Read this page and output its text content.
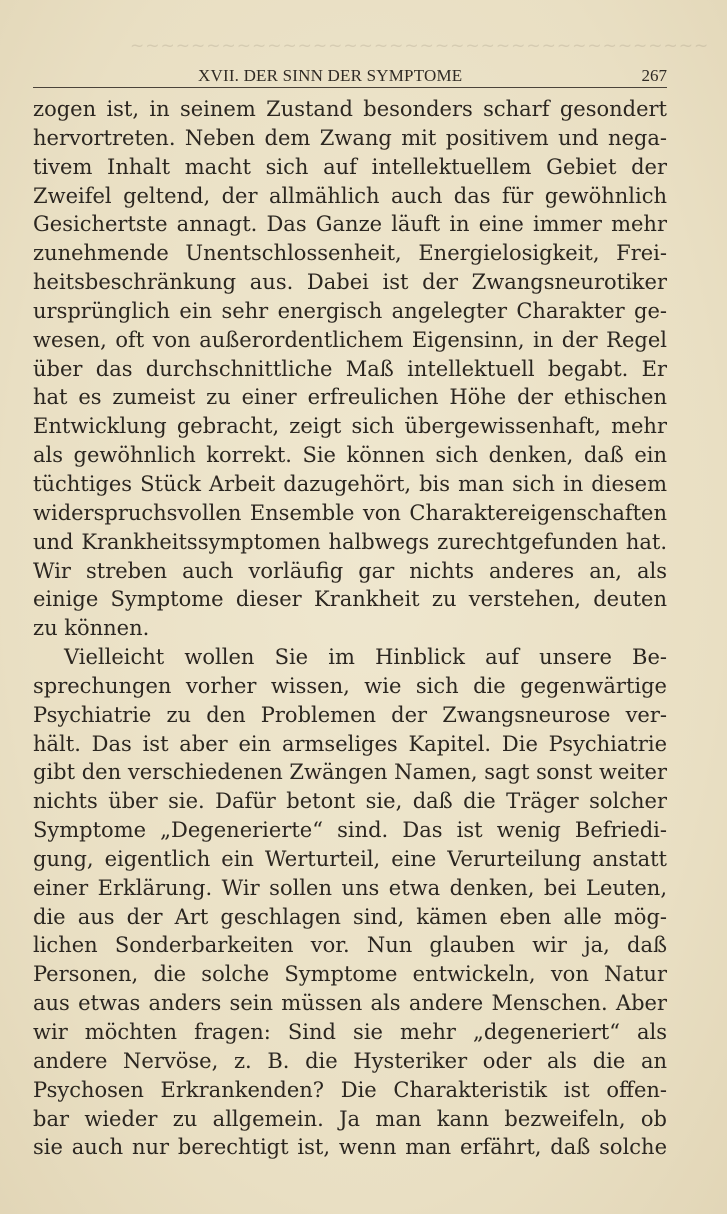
~~~~~~~~~~~~~~~~~~~~~~~~~~~~~~~~~~~~~~
XVII. DER SINN DER SYMPTOME	267
zogen ist, in seinem Zustand besonders scharf gesondert
hervortreten. Neben dem Zwang mit positivem und nega-
tivem Inhalt macht sich auf intellektuellem Gebiet der
Zweifel geltend, der allmählich auch das für gewöhnlich
Gesichertste annagt. Das Ganze läuft in eine immer mehr
zunehmende Unentschlossenheit, Energielosigkeit, Frei-
heitsbeschränkung aus. Dabei ist der Zwangsneurotiker
ursprünglich ein sehr energisch angelegter Charakter ge-
wesen, oft von außerordentlichem Eigensinn, in der Regel
über das durchschnittliche Maß intellektuell begabt. Er
hat es zumeist zu einer erfreulichen Höhe der ethischen
Entwicklung gebracht, zeigt sich übergewissenhaft, mehr
als gewöhnlich korrekt. Sie können sich denken, daß ein
tüchtiges Stück Arbeit dazugehört, bis man sich in diesem
widerspruchsvollen Ensemble von Charaktereigenschaften
und Krankheitssymptomen halbwegs zurechtgefunden hat.
Wir streben auch vorläufig gar nichts anderes an, als
einige Symptome dieser Krankheit zu verstehen, deuten
zu können.
Vielleicht wollen Sie im Hinblick auf unsere Be-
sprechungen vorher wissen, wie sich die gegenwärtige
Psychiatrie zu den Problemen der Zwangsneurose ver-
hält. Das ist aber ein armseliges Kapitel. Die Psychiatrie
gibt den verschiedenen Zwängen Namen, sagt sonst weiter
nichts über sie. Dafür betont sie, daß die Träger solcher
Symptome „Degenerierte“ sind. Das ist wenig Befriedi-
gung, eigentlich ein Werturteil, eine Verurteilung anstatt
einer Erklärung. Wir sollen uns etwa denken, bei Leuten,
die aus der Art geschlagen sind, kämen eben alle mög-
lichen Sonderbarkeiten vor. Nun glauben wir ja, daß
Personen, die solche Symptome entwickeln, von Natur
aus etwas anders sein müssen als andere Menschen. Aber
wir möchten fragen: Sind sie mehr „degeneriert“ als
andere Nervöse, z. B. die Hysteriker oder als die an
Psychosen Erkrankenden? Die Charakteristik ist offen-
bar wieder zu allgemein. Ja man kann bezweifeln, ob
sie auch nur berechtigt ist, wenn man erfährt, daß solche
